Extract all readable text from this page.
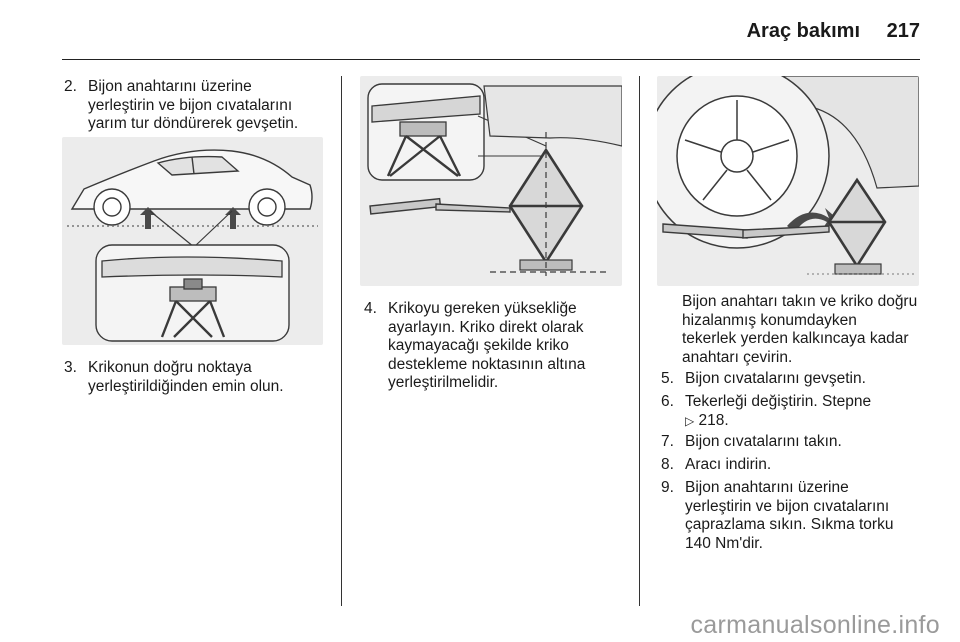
Araç bakımı 217
2. Bijon anahtarını üzerine
yerleştirin ve bijon cıvatalarını
yarım tur döndürerek gevşetin.
3. Krikonun doğru noktaya
yerleştirildiğinden emin olun.
4. Krikoyu gereken yüksekliğe
ayarlayın. Kriko direkt olarak
kaymayacağı şekilde kriko
destekleme noktasının altına
yerleştirilmelidir.
Bijon anahtarı takın ve kriko doğru
hizalanmış konumdayken
tekerlek yerden kalkıncaya kadar
anahtarı çevirin.
5. Bijon cıvatalarını gevşetin.
6. Tekerleği değiştirin. Stepne
▷ 218.
7. Bijon cıvatalarını takın.
8. Aracı indirin.
9. Bijon anahtarını üzerine
yerleştirin ve bijon cıvatalarını
çaprazlama sıkın. Sıkma torku
140 Nm'dir.
carmanualsonline.info
